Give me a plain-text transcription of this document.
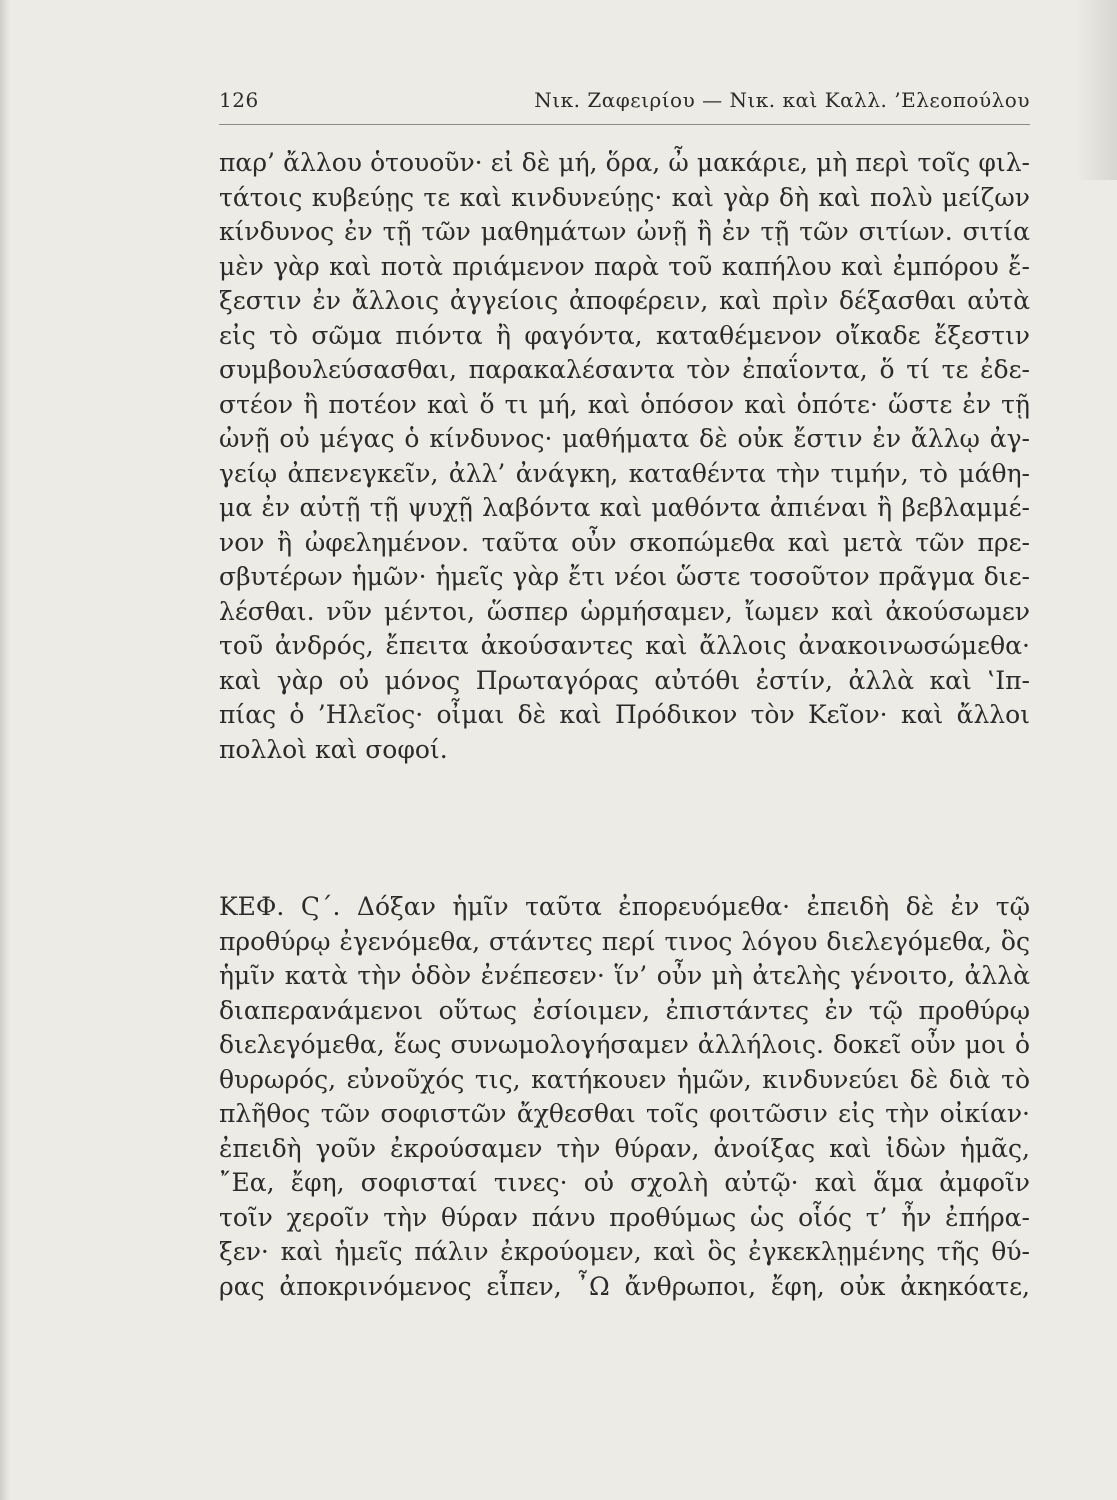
126	Νικ. Ζαφειρίου — Νικ. καὶ Καλλ. ’Ελεοπούλου
παρ’ ἄλλου ὁτουοῦν· εἰ δὲ μή, ὅρα, ὦ μακάριε, μὴ περὶ τοῖς φιλ-
τάτοις κυβεύῃς τε καὶ κινδυνεύῃς· καὶ γὰρ δὴ καὶ πολὺ μείζων
κίνδυνος ἐν τῇ τῶν μαθημάτων ὠνῇ ἢ ἐν τῇ τῶν σιτίων. σιτία
μὲν γὰρ καὶ ποτὰ πριάμενον παρὰ τοῦ καπήλου καὶ ἐμπόρου ἔ-
ξεστιν ἐν ἄλλοις ἀγγείοις ἀποφέρειν, καὶ πρὶν δέξασθαι αὐτὰ
εἰς τὸ σῶμα πιόντα ἢ φαγόντα, καταθέμενον οἴκαδε ἔξεστιν
συμβουλεύσασθαι, παρακαλέσαντα τὸν ἐπαΐοντα, ὅ τί τε ἐδε-
στέον ἢ ποτέον καὶ ὅ τι μή, καὶ ὁπόσον καὶ ὁπότε· ὥστε ἐν τῇ
ὠνῇ οὐ μέγας ὁ κίνδυνος· μαθήματα δὲ οὐκ ἔστιν ἐν ἄλλῳ ἀγ-
γείῳ ἀπενεγκεῖν, ἀλλ’ ἀνάγκη, καταθέντα τὴν τιμήν, τὸ μάθη-
μα ἐν αὐτῇ τῇ ψυχῇ λαβόντα καὶ μαθόντα ἀπιέναι ἢ βεβλαμμέ-
νον ἢ ὠφελημένον. ταῦτα οὖν σκοπώμεθα καὶ μετὰ τῶν πρε-
σβυτέρων ἡμῶν· ἡμεῖς γὰρ ἔτι νέοι ὥστε τοσοῦτον πρᾶγμα διε-
λέσθαι. νῦν μέντοι, ὥσπερ ὡρμήσαμεν, ἴωμεν καὶ ἀκούσωμεν
τοῦ ἀνδρός, ἔπειτα ἀκούσαντες καὶ ἄλλοις ἀνακοινωσώμεθα·
καὶ γὰρ οὐ μόνος Πρωταγόρας αὐτόθι ἐστίν, ἀλλὰ καὶ ‛Ιπ-
πίας ὁ ’Ηλεῖος· οἶμαι δὲ καὶ Πρόδικον τὸν Κεῖον· καὶ ἄλλοι
πολλοὶ καὶ σοφοί.
ΚΕΦ. Ϛ΄. Δόξαν ἡμῖν ταῦτα ἐπορευόμεθα· ἐπειδὴ δὲ ἐν τῷ
προθύρῳ ἐγενόμεθα, στάντες περί τινος λόγου διελεγόμεθα, ὃς
ἡμῖν κατὰ τὴν ὁδὸν ἐνέπεσεν· ἵν’ οὖν μὴ ἀτελὴς γένοιτο, ἀλλὰ
διαπερανάμενοι οὕτως ἐσίοιμεν, ἐπιστάντες ἐν τῷ προθύρῳ
διελεγόμεθα, ἕως συνωμολογήσαμεν ἀλλήλοις. δοκεῖ οὖν μοι ὁ
θυρωρός, εὐνοῦχός τις, κατήκουεν ἡμῶν, κινδυνεύει δὲ διὰ τὸ
πλῆθος τῶν σοφιστῶν ἄχθεσθαι τοῖς φοιτῶσιν εἰς τὴν οἰκίαν·
ἐπειδὴ γοῦν ἐκρούσαμεν τὴν θύραν, ἀνοίξας καὶ ἰδὼν ἡμᾶς,
῎Εα, ἔφη, σοφισταί τινες· οὐ σχολὴ αὐτῷ· καὶ ἅμα ἀμφοῖν
τοῖν χεροῖν τὴν θύραν πάνυ προθύμως ὡς οἷός τ’ ἦν ἐπήρα-
ξεν· καὶ ἡμεῖς πάλιν ἐκρούομεν, καὶ ὃς ἐγκεκλῃμένης τῆς θύ-
ρας ἀποκρινόμενος εἶπεν, ῏Ω ἄνθρωποι, ἔφη, οὐκ ἀκηκόατε,
